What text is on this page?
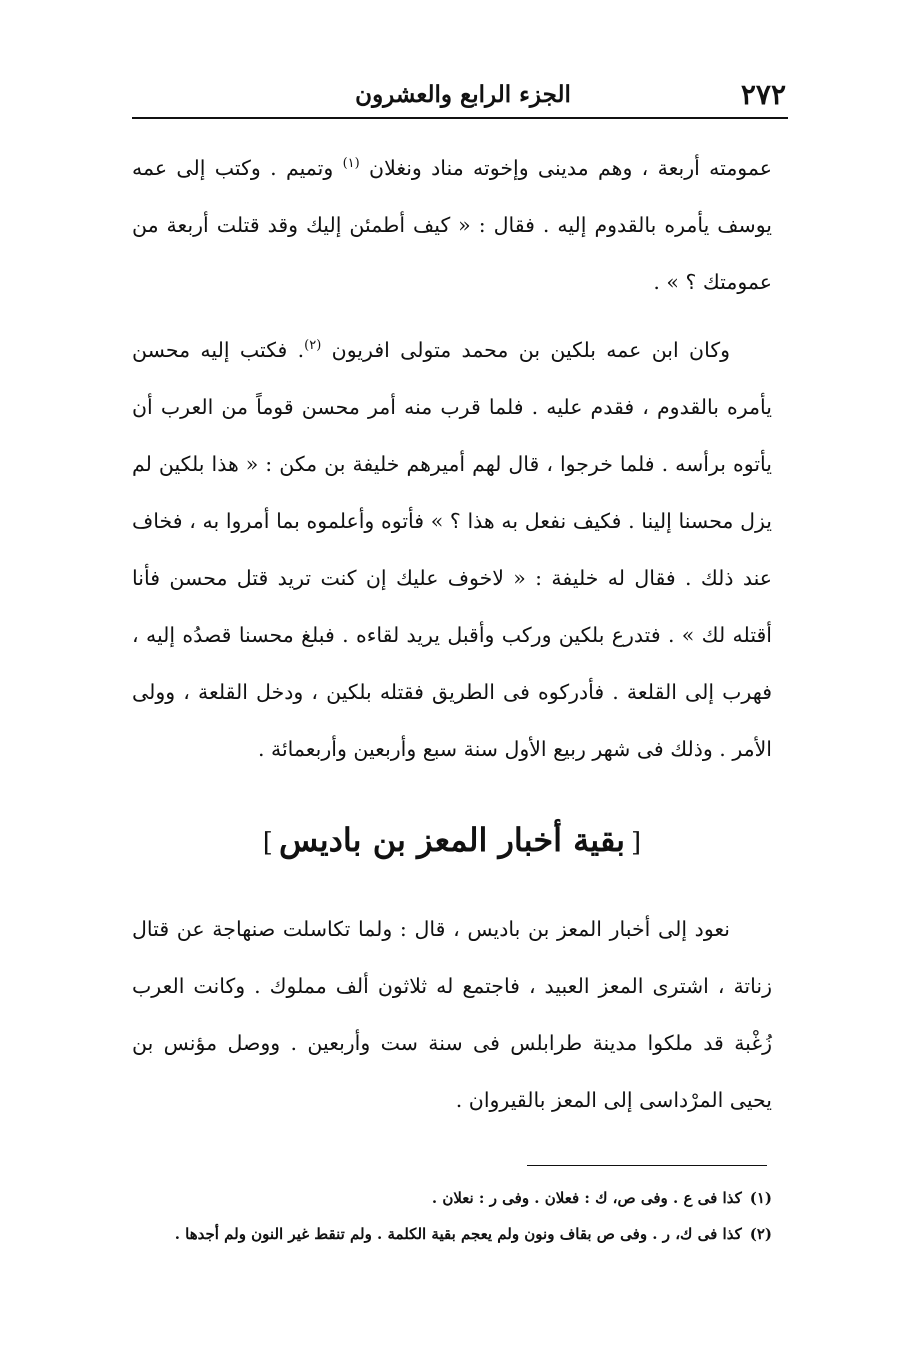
٢٧٢
الجزء الرابع والعشرون

عمومته أربعة ، وهم مدينى وإخوته مناد ونغلان $^{(١)}$ وتميم . وكتب إلى عمه يوسف يأمره بالقدوم إليه . فقال : « كيف أطمئن إليك وقد قتلت أربعة من عمومتك ؟ » .

وكان ابن عمه بلكين بن محمد متولى افريون $^{(٢)}$. فكتب إليه محسن يأمره بالقدوم ، فقدم عليه . فلما قرب منه أمر محسن قوماً من العرب أن يأتوه برأسه . فلما خرجوا ، قال لهم أميرهم خليفة بن مكن : « هذا بلكين لم يزل محسنا إلينا . فكيف نفعل به هذا ؟ » فأتوه وأعلموه بما أمروا به ، فخاف عند ذلك . فقال له خليفة : « لاخوف عليك إن كنت تريد قتل محسن فأنا أقتله لك » . فتدرع بلكين وركب وأقبل يريد لقاءه . فبلغ محسنا قصدُه إليه ، فهرب إلى القلعة . فأدركوه فى الطريق فقتله بلكين ، ودخل القلعة ، وولى الأمر . وذلك فى شهر ربيع الأول سنة سبع وأربعين وأربعمائة .

[بقية أخبار المعز بن باديس]

نعود إلى أخبار المعز بن باديس ، قال : ولما تكاسلت صنهاجة عن قتال زناتة ، اشترى المعز العبيد ، فاجتمع له ثلاثون ألف مملوك . وكانت العرب زُغْبة قد ملكوا مدينة طرابلس فى سنة ست وأربعين . ووصل مؤنس بن يحيى المرْداسى إلى المعز بالقيروان .

(١)كذا فى ع . وفى ص، ك : فعلان . وفى ر : نعلان .

(٢)كذا فى ك، ر . وفى ص بقاف ونون ولم يعجم بقية الكلمة . ولم تنقط غير النون ولم أجدها .
